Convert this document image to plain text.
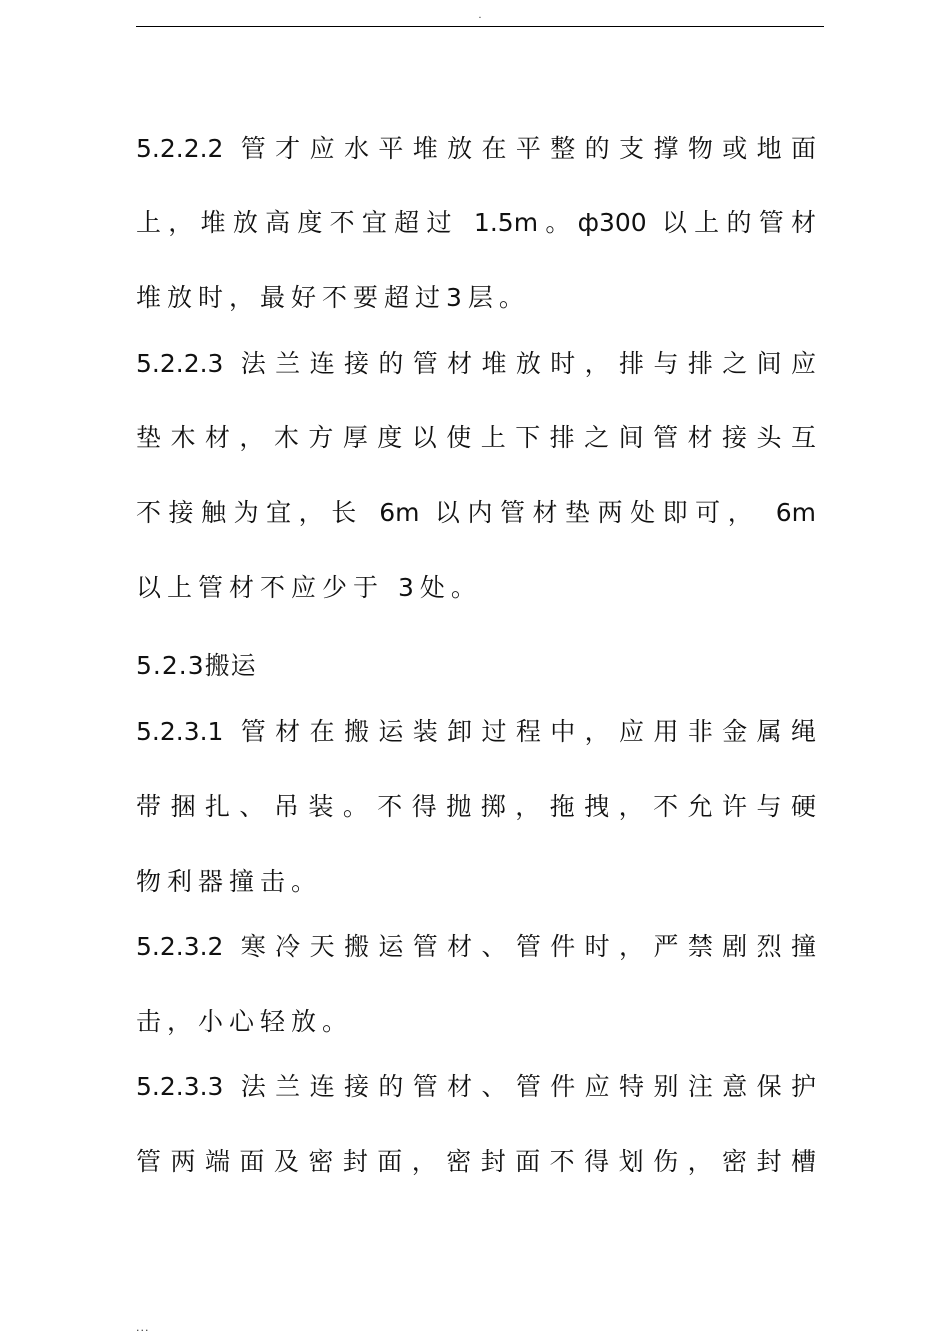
.
5.2.2.2 管才应水平堆放在平整的支撑物或地面
上，堆放高度不宜超过 1.5m。ф300 以上的管材
堆放时，最好不要超过3层。
5.2.2.3 法兰连接的管材堆放时，排与排之间应
垫木材，木方厚度以使上下排之间管材接头互
不接触为宜，长 6m 以内管材垫两处即可， 6m
以上管材不应少于 3处。
5.2.3搬运
5.2.3.1 管材在搬运装卸过程中，应用非金属绳
带捆扎、吊装。不得抛掷，拖拽，不允许与硬
物利器撞击。
5.2.3.2 寒冷天搬运管材、管件时，严禁剧烈撞
击，小心轻放。
5.2.3.3 法兰连接的管材、管件应特别注意保护
管两端面及密封面，密封面不得划伤，密封槽
...
